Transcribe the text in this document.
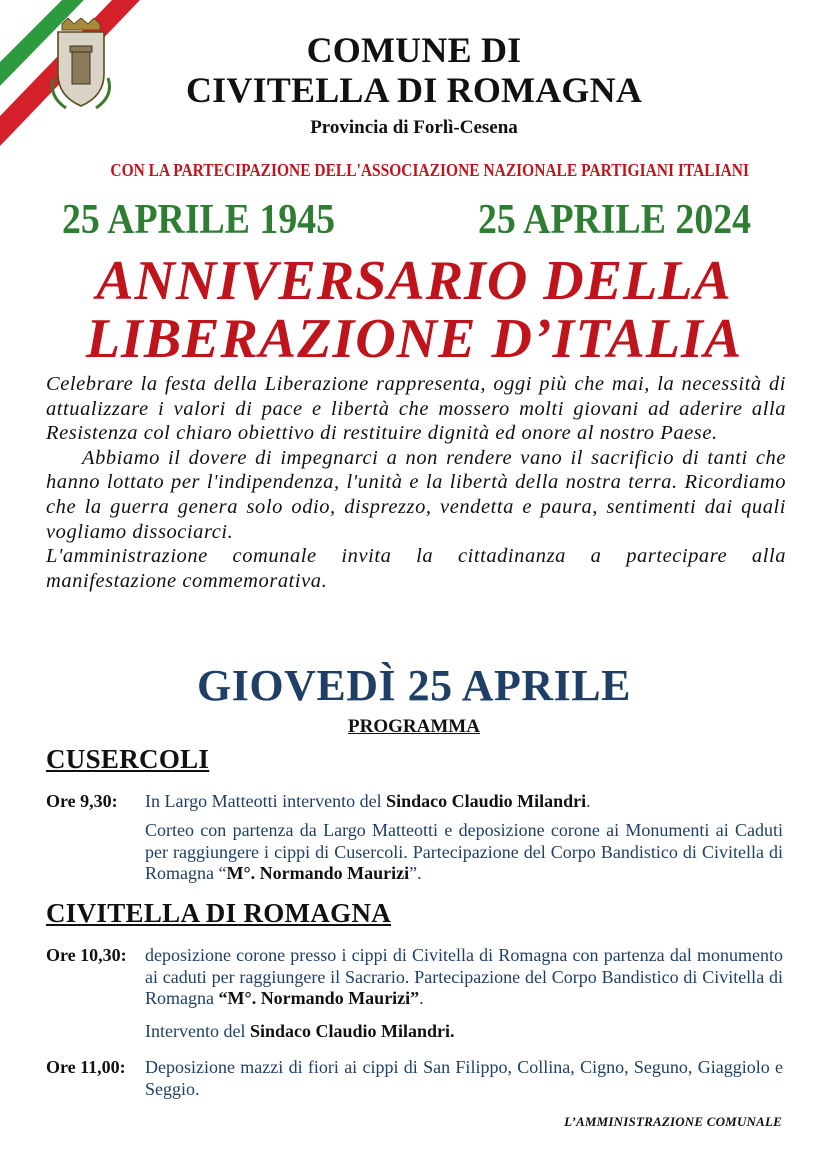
COMUNE DI
CIVITELLA DI ROMAGNA
Provincia di Forlì-Cesena
CON LA PARTECIPAZIONE DELL'ASSOCIAZIONE NAZIONALE PARTIGIANI ITALIANI
25 APRILE 1945	25 APRILE 2024
ANNIVERSARIO DELLA
LIBERAZIONE D’ITALIA

Celebrare la festa della Liberazione rappresenta, oggi più che mai, la necessità di attualizzare i valori di pace e libertà che mossero molti giovani ad aderire alla Resistenza col chiaro obiettivo di restituire dignità ed onore al nostro Paese.

Abbiamo il dovere di impegnarci a non rendere vano il sacrificio di tanti che hanno lottato per l'indipendenza, l'unità e la libertà della nostra terra. Ricordiamo che la guerra genera solo odio, disprezzo, vendetta e paura, sentimenti dai quali vogliamo dissociarci.

L'amministrazione comunale invita la cittadinanza a partecipare alla manifestazione commemorativa.

GIOVEDÌ 25 APRILE
PROGRAMMA
CUSERCOLI
Ore 9,30: In Largo Matteotti intervento del Sindaco Claudio Milandri.
Corteo con partenza da Largo Matteotti e deposizione corone ai Monumenti ai Caduti per raggiungere i cippi di Cusercoli. Partecipazione del Corpo Bandistico di Civitella di Romagna “M°. Normando Maurizi”.
CIVITELLA DI ROMAGNA
Ore 10,30: deposizione corone presso i cippi di Civitella di Romagna con partenza dal monumento ai caduti per raggiungere il Sacrario. Partecipazione del Corpo Bandistico di Civitella di Romagna “M°. Normando Maurizi”.
Intervento del Sindaco Claudio Milandri.
Ore 11,00: Deposizione mazzi di fiori ai cippi di San Filippo, Collina, Cigno, Seguno, Giaggiolo e Seggio.
L’AMMINISTRAZIONE COMUNALE
